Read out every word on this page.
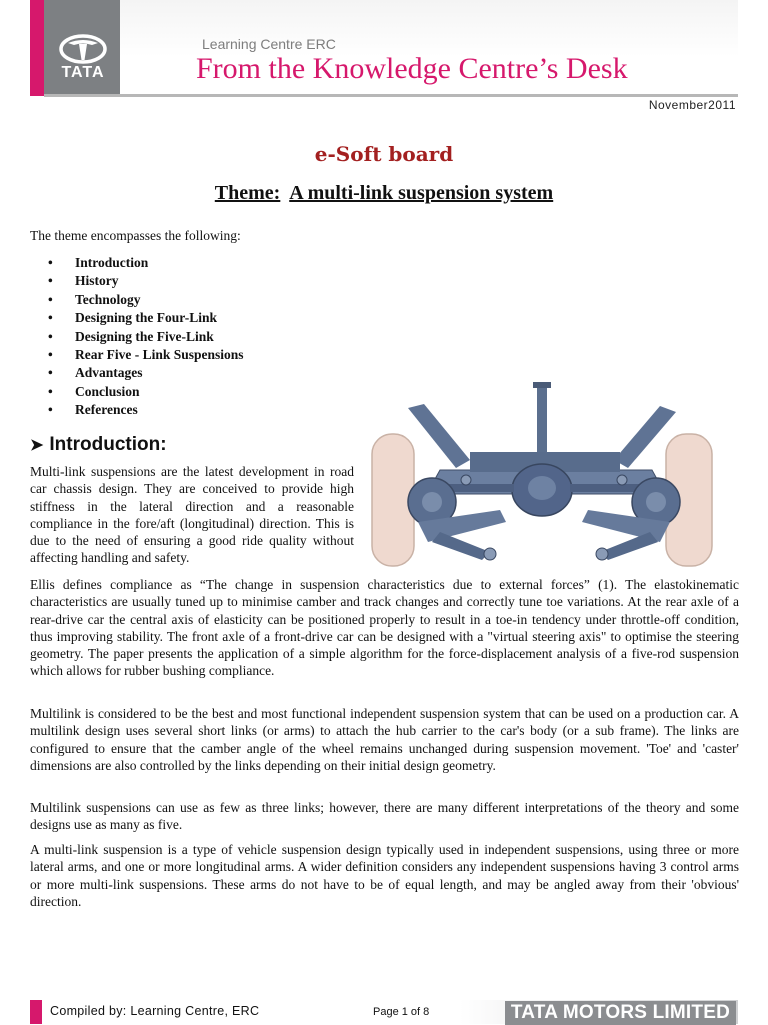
TATA
Learning Centre ERC
From the Knowledge Centre’s Desk
November2011
e-Soft board
Theme: A multi-link suspension system
The theme encompasses the following:
• Introduction
• History
• Technology
• Designing the Four-Link
• Designing the Five-Link
• Rear Five - Link Suspensions
• Advantages
• Conclusion
• References
➤ Introduction:
Multi-link suspensions are the latest development in road car chassis design. They are conceived to provide high stiffness in the lateral direction and a reasonable compliance in the fore/aft (longitudinal) direction. This is due to the need of ensuring a good ride quality without affecting handling and safety.

Ellis defines compliance as “The change in suspension characteristics due to external forces” (1). The elastokinematic characteristics are usually tuned up to minimise camber and track changes and correctly tune toe variations. At the rear axle of a rear-drive car the central axis of elasticity can be positioned properly to result in a toe-in tendency under throttle-off condition, thus improving stability. The front axle of a front-drive car can be designed with a "virtual steering axis" to optimise the steering geometry. The paper presents the application of a simple algorithm for the force-displacement analysis of a five-rod suspension which allows for rubber bushing compliance.

Multilink is considered to be the best and most functional independent suspension system that can be used on a production car. A multilink design uses several short links (or arms) to attach the hub carrier to the car's body (or a sub frame). The links are configured to ensure that the camber angle of the wheel remains unchanged during suspension movement. 'Toe' and 'caster' dimensions are also controlled by the links depending on their initial design geometry.

Multilink suspensions can use as few as three links; however, there are many different interpretations of the theory and some designs use as many as five.

A multi-link suspension is a type of vehicle suspension design typically used in independent suspensions, using three or more lateral arms, and one or more longitudinal arms. A wider definition considers any independent suspensions having 3 control arms or more multi-link suspensions. These arms do not have to be of equal length, and may be angled away from their 'obvious' direction.

Compiled by: Learning Centre, ERC	Page 1 of 8	TATA MOTORS LIMITED
